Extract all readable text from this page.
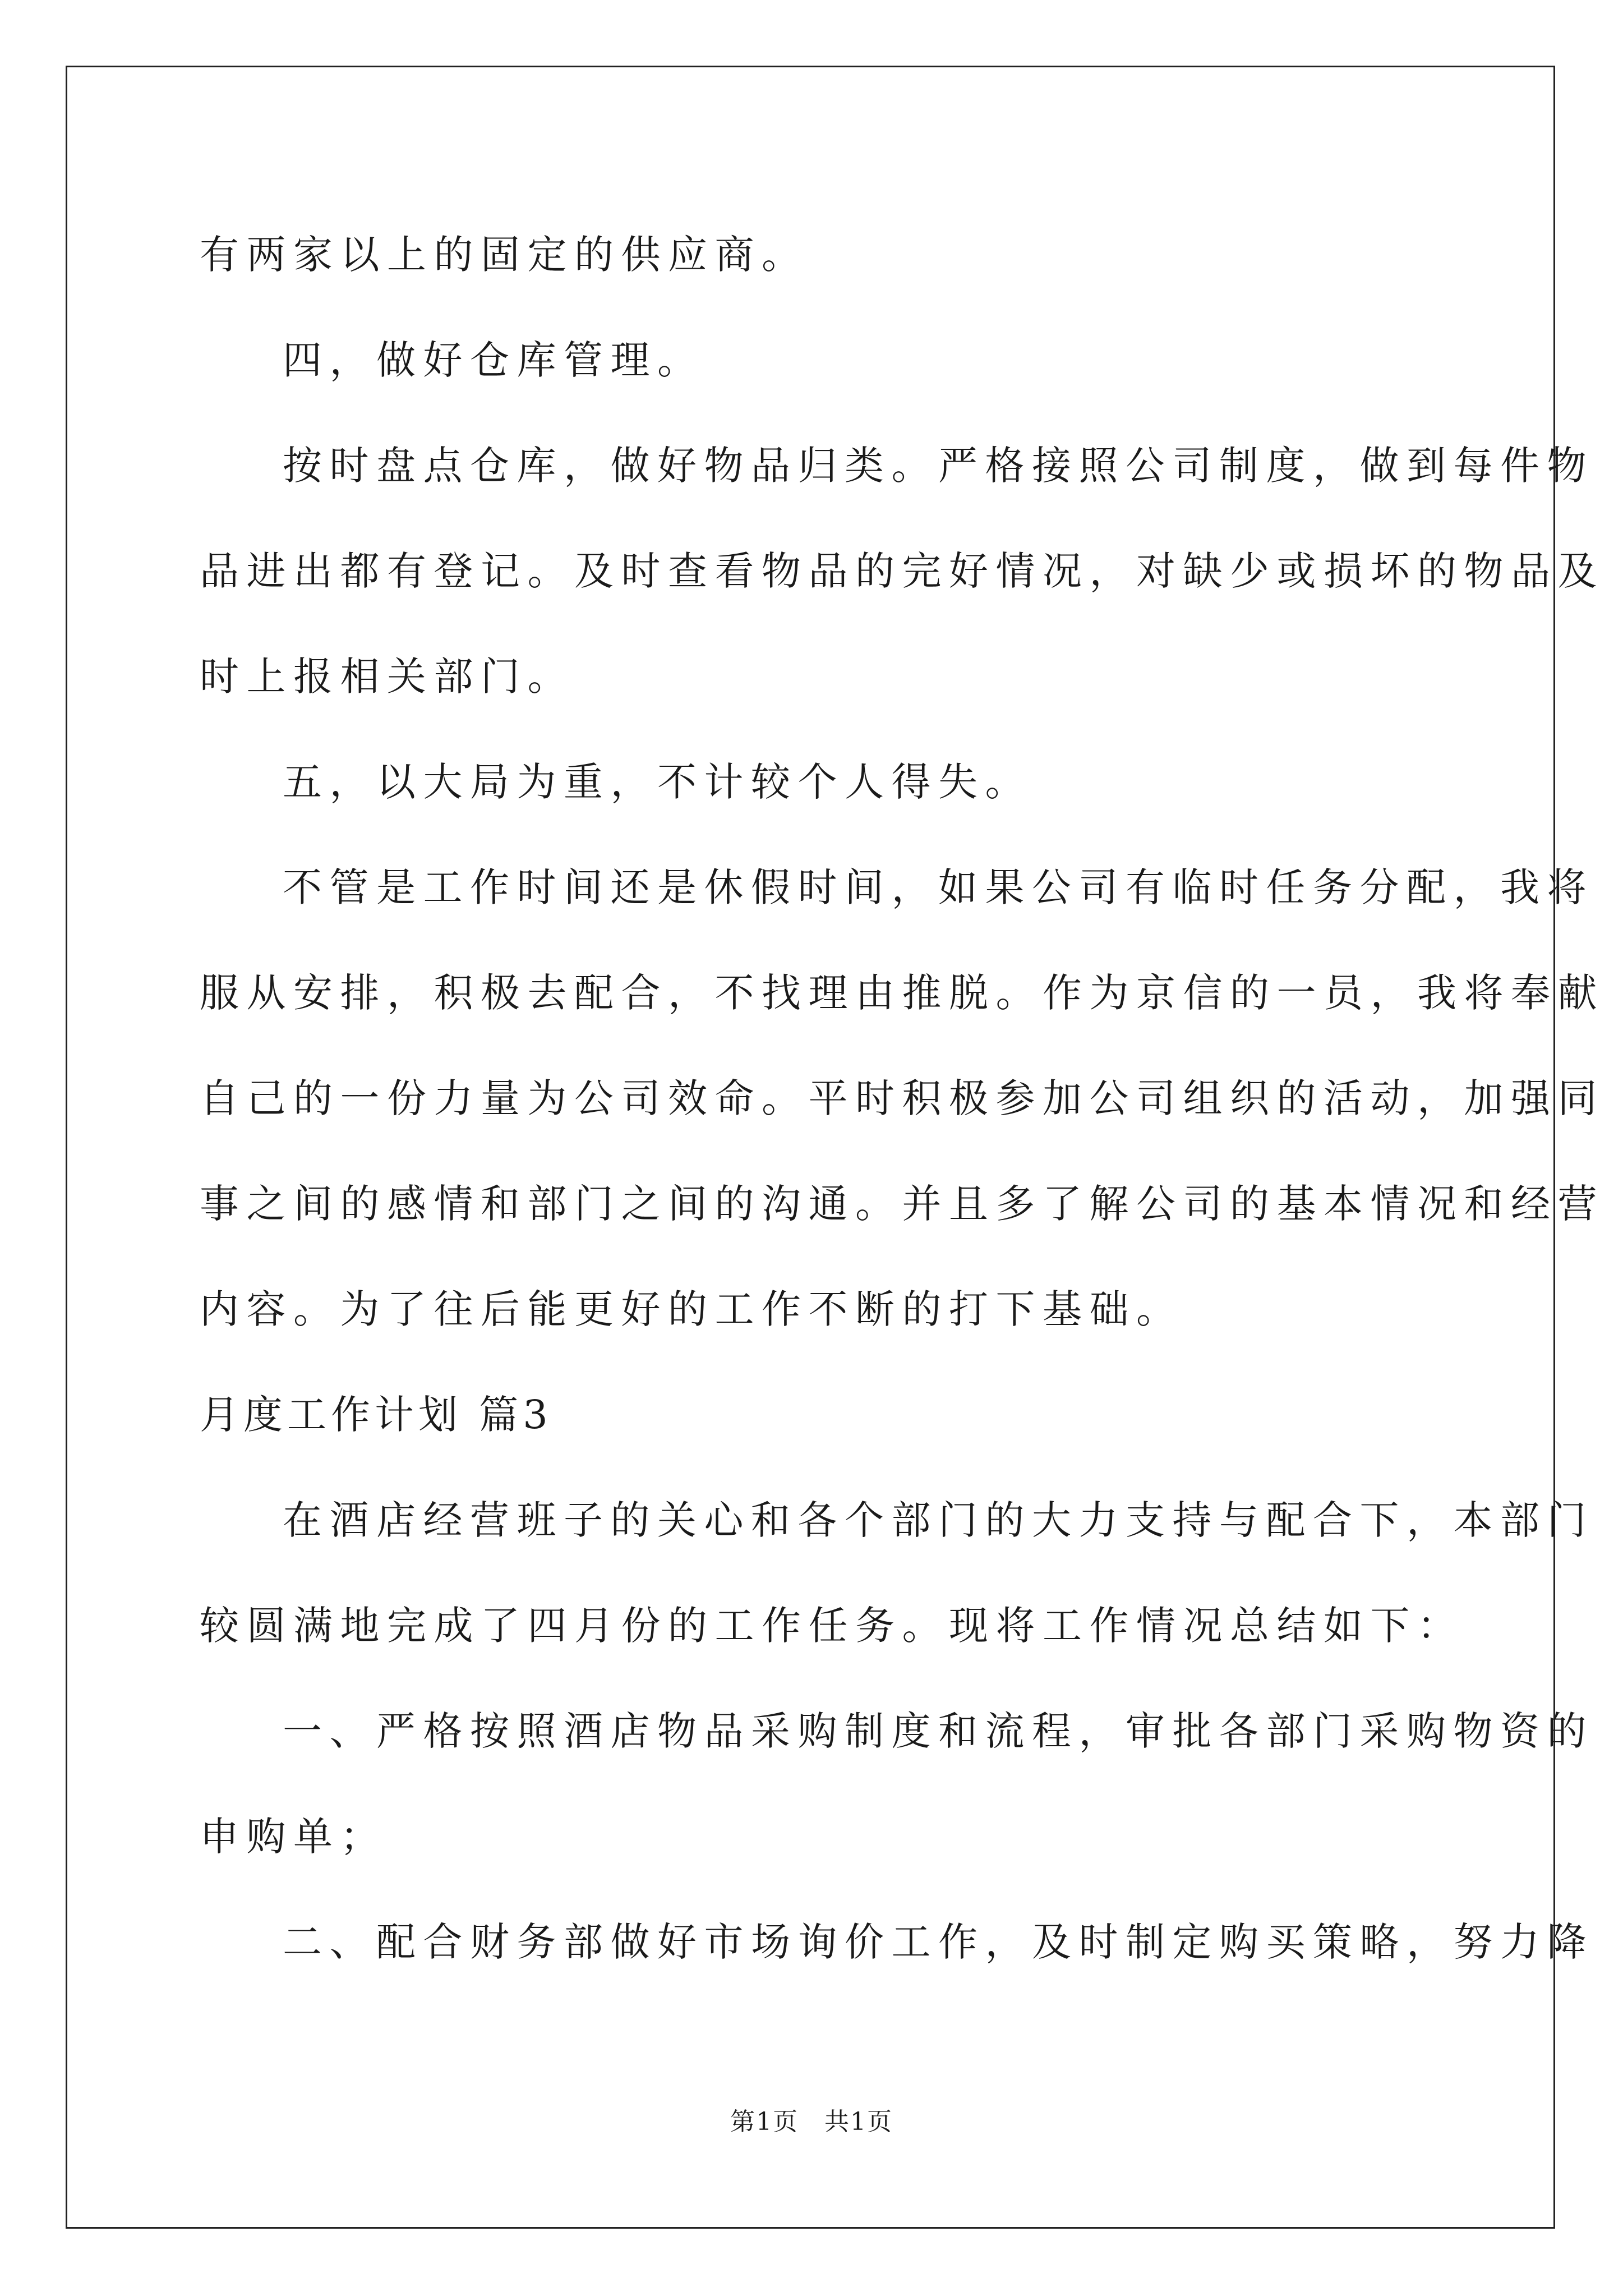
有两家以上的固定的供应商。
四，做好仓库管理。
按时盘点仓库，做好物品归类。严格接照公司制度，做到每件物
品进出都有登记。及时查看物品的完好情况，对缺少或损坏的物品及
时上报相关部门。
五，以大局为重，不计较个人得失。
不管是工作时间还是休假时间，如果公司有临时任务分配，我将
服从安排，积极去配合，不找理由推脱。作为京信的一员，我将奉献
自己的一份力量为公司效命。平时积极参加公司组织的活动，加强同
事之间的感情和部门之间的沟通。并且多了解公司的基本情况和经营
内容。为了往后能更好的工作不断的打下基础。
月度工作计划 篇3
在酒店经营班子的关心和各个部门的大力支持与配合下，本部门
较圆满地完成了四月份的工作任务。现将工作情况总结如下：
一、严格按照酒店物品采购制度和流程，审批各部门采购物资的
申购单；
二、配合财务部做好市场询价工作，及时制定购买策略，努力降
第1页　共1页
